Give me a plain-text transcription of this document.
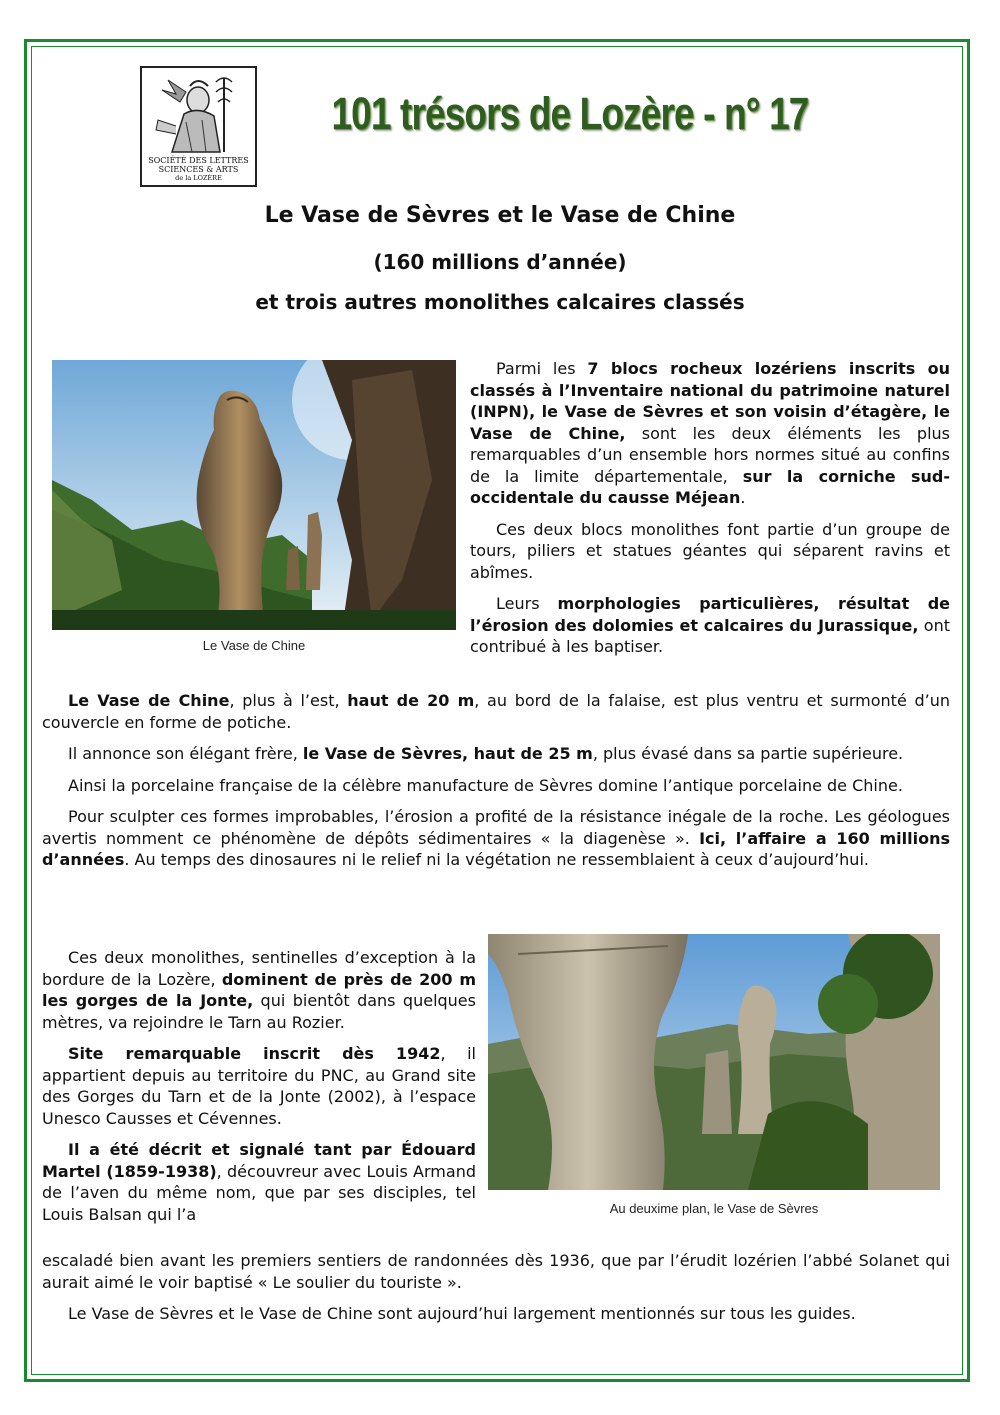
SOCIÉTÉ DES LETTRES
SCIENCES & ARTS
de la LOZÈRE
101 trésors de Lozère - n° 17
Le Vase de Sèvres et le Vase de Chine
(160 millions d’année)
et trois autres monolithes calcaires classés
Le Vase de Chine

Parmi les 7 blocs rocheux lozériens inscrits ou classés à l’Inventaire national du patrimoine naturel (INPN), le Vase de Sèvres et son voisin d’étagère, le Vase de Chine, sont les deux éléments les plus remarquables d’un ensemble hors normes situé au confins de la limite départementale, sur la corniche sud-occidentale du causse Méjean.

Ces deux blocs monolithes font partie d’un groupe de tours, piliers et statues géantes qui séparent ravins et abîmes.

Leurs morphologies particulières, résultat de l’érosion des dolomies et calcaires du Jurassique, ont contribué à les baptiser.

Le Vase de Chine, plus à l’est, haut de 20 m, au bord de la falaise, est plus ventru et surmonté d’un couvercle en forme de potiche.

Il annonce son élégant frère, le Vase de Sèvres, haut de 25 m, plus évasé dans sa partie supérieure.

Ainsi la porcelaine française de la célèbre manufacture de Sèvres domine l’antique porcelaine de Chine.

Pour sculpter ces formes improbables, l’érosion a profité de la résistance inégale de la roche. Les géologues avertis nomment ce phénomène de dépôts sédimentaires « la diagenèse ». Ici, l’affaire a 160 millions d’années. Au temps des dinosaures ni le relief ni la végétation ne ressemblaient à ceux d’aujourd’hui.

Au deuxime plan, le Vase de Sèvres

Ces deux monolithes, sentinelles d’exception à la bordure de la Lozère, dominent de près de 200 m les gorges de la Jonte, qui bientôt dans quelques mètres, va rejoindre le Tarn au Rozier.

Site remarquable inscrit dès 1942, il appartient depuis au territoire du PNC, au Grand site des Gorges du Tarn et de la Jonte (2002), à l’espace Unesco Causses et Cévennes.

Il a été décrit et signalé tant par Édouard Martel (1859-1938), découvreur avec Louis Armand de l’aven du même nom, que par ses disciples, tel Louis Balsan qui l’a

escaladé bien avant les premiers sentiers de randonnées dès 1936, que par l’érudit lozérien l’abbé Solanet qui aurait aimé le voir baptisé « Le soulier du touriste ».

Le Vase de Sèvres et le Vase de Chine sont aujourd’hui largement mentionnés sur tous les guides.
